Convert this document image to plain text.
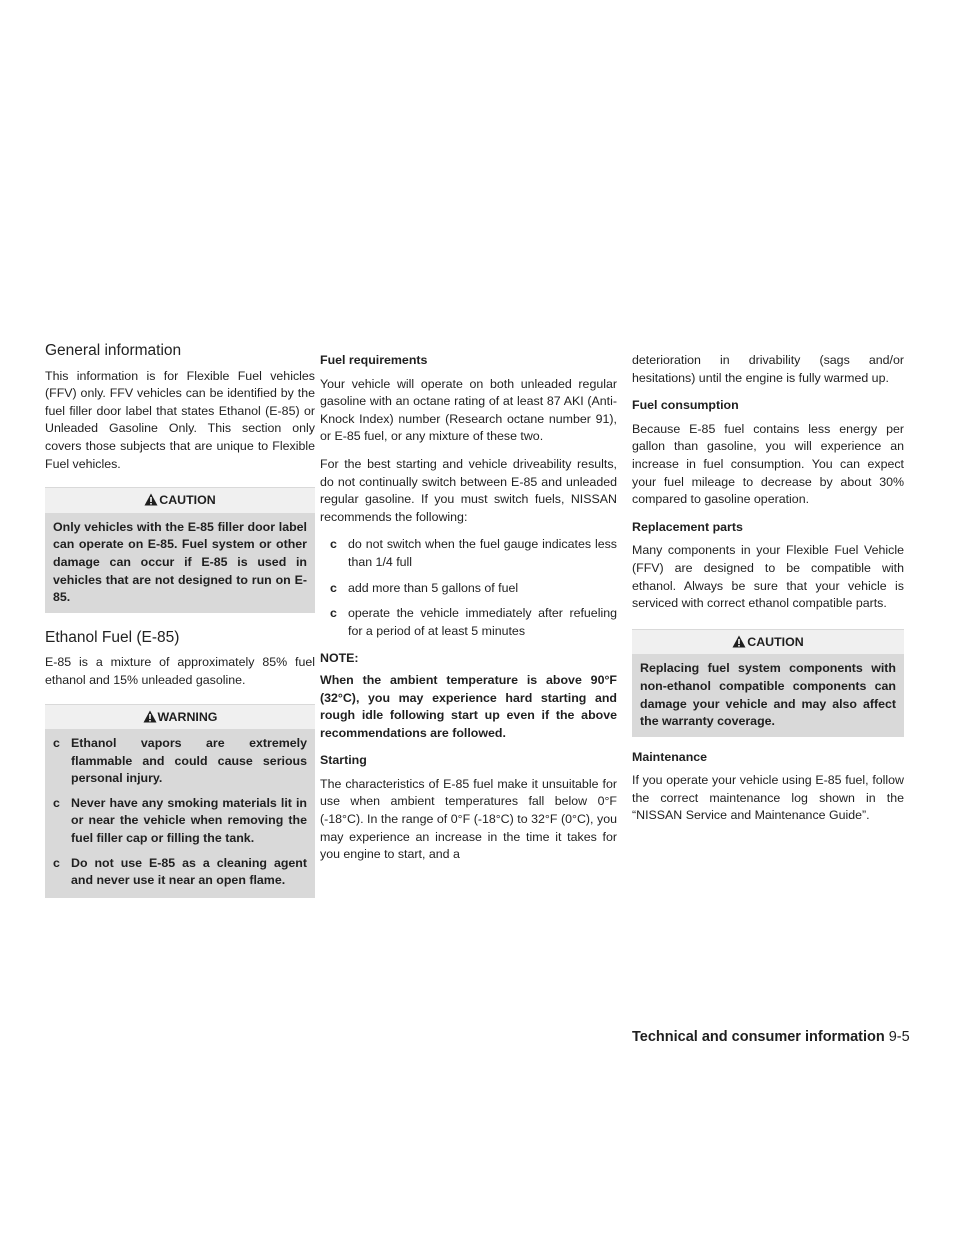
General information

This information is for Flexible Fuel vehicles (FFV) only. FFV vehicles can be identified by the fuel filler door label that states Ethanol (E-85) or Unleaded Gasoline Only. This section only covers those subjects that are unique to Flexible Fuel vehicles.

CAUTION
Only vehicles with the E-85 filler door label can operate on E-85. Fuel system or other damage can occur if E-85 is used in vehicles that are not designed to run on E-85.
Ethanol Fuel (E-85)

E-85 is a mixture of approximately 85% fuel ethanol and 15% unleaded gasoline.

WARNING
c Ethanol vapors are extremely flammable and could cause serious personal injury.
c Never have any smoking materials lit in or near the vehicle when removing the fuel filler cap or filling the tank.
c Do not use E-85 as a cleaning agent and never use it near an open flame.
Fuel requirements

Your vehicle will operate on both unleaded regular gasoline with an octane rating of at least 87 AKI (Anti-Knock Index) number (Research octane number 91), or E-85 fuel, or any mixture of these two.

For the best starting and vehicle driveability results, do not continually switch between E-85 and unleaded regular gasoline. If you must switch fuels, NISSAN recommends the following:

c do not switch when the fuel gauge indicates less than 1/4 full
c add more than 5 gallons of fuel
c operate the vehicle immediately after refueling for a period of at least 5 minutes
NOTE:

When the ambient temperature is above 90°F (32°C), you may experience hard starting and rough idle following start up even if the above recommendations are followed.

Starting

The characteristics of E-85 fuel make it unsuitable for use when ambient temperatures fall below 0°F (-18°C). In the range of 0°F (-18°C) to 32°F (0°C), you may experience an increase in the time it takes for you engine to start, and a

deterioration in drivability (sags and/or hesitations) until the engine is fully warmed up.

Fuel consumption

Because E-85 fuel contains less energy per gallon than gasoline, you will experience an increase in fuel consumption. You can expect your fuel mileage to decrease by about 30% compared to gasoline operation.

Replacement parts

Many components in your Flexible Fuel Vehicle (FFV) are designed to be compatible with ethanol. Always be sure that your vehicle is serviced with correct ethanol compatible parts.

CAUTION
Replacing fuel system components with non-ethanol compatible components can damage your vehicle and may also affect the warranty coverage.
Maintenance

If you operate your vehicle using E-85 fuel, follow the correct maintenance log shown in the “NISSAN Service and Maintenance Guide”.

Technical and consumer information 9-5
